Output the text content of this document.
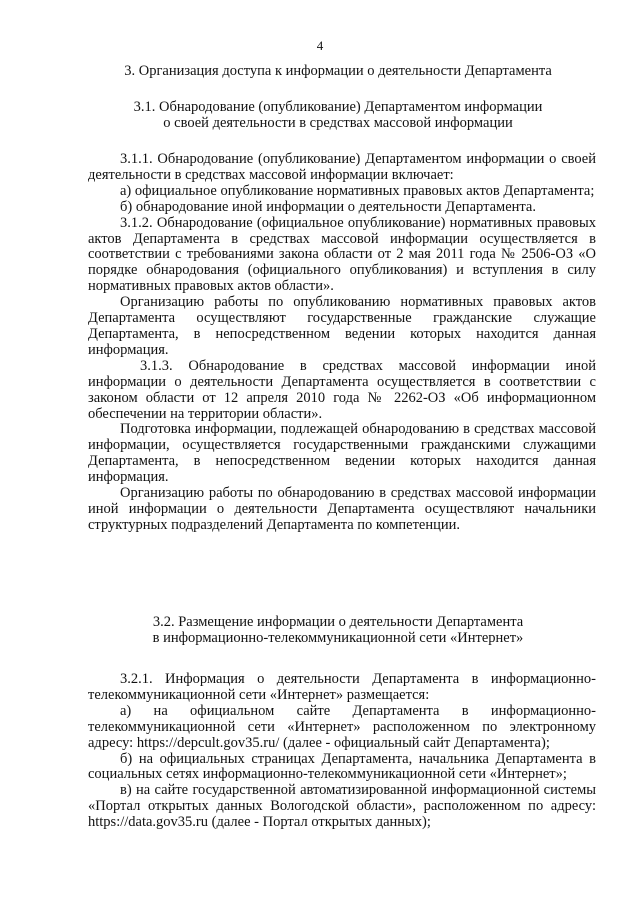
4
3. Организация доступа к информации о деятельности Департамента
3.1. Обнародование (опубликование) Департаментом информации
о своей деятельности в средствах массовой информации

3.1.1. Обнародование (опубликование) Департаментом информации о своей деятельности в средствах массовой информации включает:

а) официальное опубликование нормативных правовых актов Департамента;

б) обнародование иной информации о деятельности Департамента.

3.1.2. Обнародование (официальное опубликование) нормативных правовых актов Департамента в средствах массовой информации осуществляется в соответствии с требованиями закона области от 2 мая 2011 года № 2506-ОЗ «О порядке обнародования (официального опубликования) и вступления в силу нормативных правовых актов области».

Организацию работы по опубликованию нормативных правовых актов Департамента осуществляют государственные гражданские служащие Департамента, в непосредственном ведении которых находится данная информация.

3.1.3. Обнародование в средствах массовой информации иной информации о деятельности Департамента осуществляется в соответствии с законом области от 12 апреля 2010 года № 2262-ОЗ «Об информационном обеспечении на территории области».

Подготовка информации, подлежащей обнародованию в средствах массовой информации, осуществляется государственными гражданскими служащими Департамента, в непосредственном ведении которых находится данная информация.

Организацию работы по обнародованию в средствах массовой информации иной информации о деятельности Департамента осуществляют начальники структурных подразделений Департамента по компетенции.

3.2. Размещение информации о деятельности Департамента
в информационно-телекоммуникационной сети «Интернет»

3.2.1. Информация о деятельности Департамента в информационно-телекоммуникационной сети «Интернет» размещается:

а) на официальном сайте Департамента в информационно-телекоммуникационной сети «Интернет» расположенном по электронному адресу: https://depcult.gov35.ru/ (далее - официальный сайт Департамента);

б) на официальных страницах Департамента, начальника Департамента в социальных сетях информационно-телекоммуникационной сети «Интернет»;

в) на сайте государственной автоматизированной информационной системы «Портал открытых данных Вологодской области», расположенном по адресу: https://data.gov35.ru (далее - Портал открытых данных);
